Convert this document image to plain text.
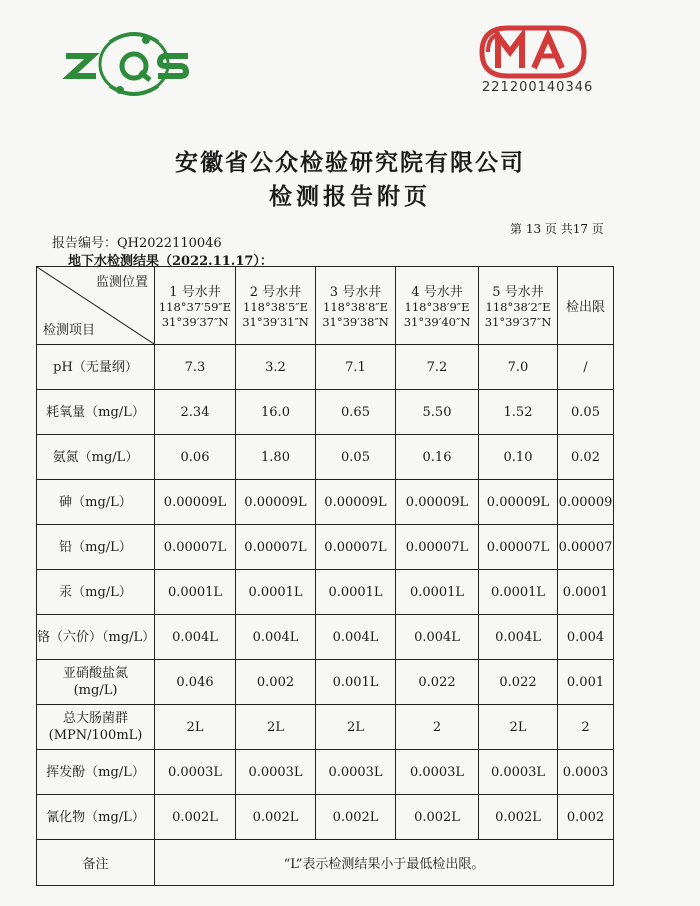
221200140346
安徽省公众检验研究院有限公司
检测报告附页
第 13 页 共17 页
报告编号：QH2022110046
地下水检测结果（2022.11.17）：
监测位置
检测项目	1 号水井
118°37′59″E
31°39′37″N	2 号水井
118°38′5″E
31°39′31″N	3 号水井
118°38′8″E
31°39′38″N	4 号水井
118°38′9″E
31°39′40″N	5 号水井
118°38′2″E
31°39′37″N	检出限
pH（无量纲）	7.3	3.2	7.1	7.2	7.0	/
耗氧量（mg/L）	2.34	16.0	0.65	5.50	1.52	0.05
氨氮（mg/L）	0.06	1.80	0.05	0.16	0.10	0.02
砷（mg/L）	0.00009L	0.00009L	0.00009L	0.00009L	0.00009L	0.00009
铅（mg/L）	0.00007L	0.00007L	0.00007L	0.00007L	0.00007L	0.00007
汞（mg/L）	0.0001L	0.0001L	0.0001L	0.0001L	0.0001L	0.0001
铬（六价）（mg/L）	0.004L	0.004L	0.004L	0.004L	0.004L	0.004
亚硝酸盐氮
(mg/L)	0.046	0.002	0.001L	0.022	0.022	0.001
总大肠菌群
(MPN/100mL)	2L	2L	2L	2	2L	2
挥发酚（mg/L）	0.0003L	0.0003L	0.0003L	0.0003L	0.0003L	0.0003
氰化物（mg/L）	0.002L	0.002L	0.002L	0.002L	0.002L	0.002
备注	“L”表示检测结果小于最低检出限。					
